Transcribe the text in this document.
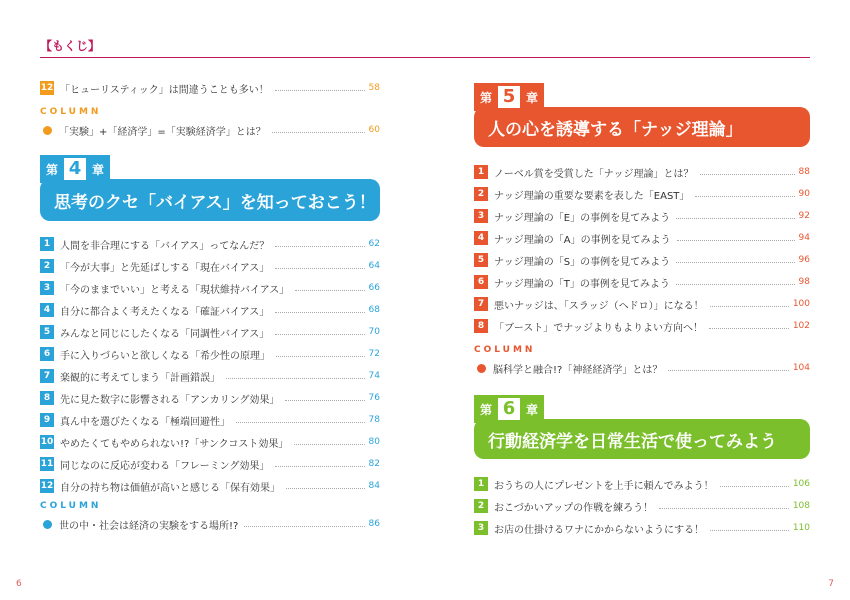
【もくじ】
6	7
12 「ヒューリスティック」は間違うことも多い！	58
COLUMN
「実験」+「経済学」=「実験経済学」とは？	60
第 4 章
思考のクセ「バイアス」を知っておこう！
1 人間を非合理にする「バイアス」ってなんだ？	62
2 「今が大事」と先延ばしする「現在バイアス」	64
3 「今のままでいい」と考える「現状維持バイアス」	66
4 自分に都合よく考えたくなる「確証バイアス」	68
5 みんなと同じにしたくなる「同調性バイアス」	70
6 手に入りづらいと欲しくなる「希少性の原理」	72
7 楽観的に考えてしまう「計画錯誤」	74
8 先に見た数字に影響される「アンカリング効果」	76
9 真ん中を選びたくなる「極端回避性」	78
10 やめたくてもやめられない!?「サンクコスト効果」	80
11 同じなのに反応が変わる「フレーミング効果」	82
12 自分の持ち物は価値が高いと感じる「保有効果」	84
COLUMN
世の中・社会は経済の実験をする場所!?	86
第 5 章
人の心を誘導する「ナッジ理論」
1 ノーベル賞を受賞した「ナッジ理論」とは？	88
2 ナッジ理論の重要な要素を表した「EAST」	90
3 ナッジ理論の「E」の事例を見てみよう	92
4 ナッジ理論の「A」の事例を見てみよう	94
5 ナッジ理論の「S」の事例を見てみよう	96
6 ナッジ理論の「T」の事例を見てみよう	98
7 悪いナッジは、「スラッジ（ヘドロ）」になる！	100
8 「ブースト」でナッジよりもよりよい方向へ！	102
COLUMN
脳科学と融合!?「神経経済学」とは？	104
第 6 章
行動経済学を日常生活で使ってみよう
1 おうちの人にプレゼントを上手に頼んでみよう！	106
2 おこづかいアップの作戦を練ろう！	108
3 お店の仕掛けるワナにかからないようにする！	110
